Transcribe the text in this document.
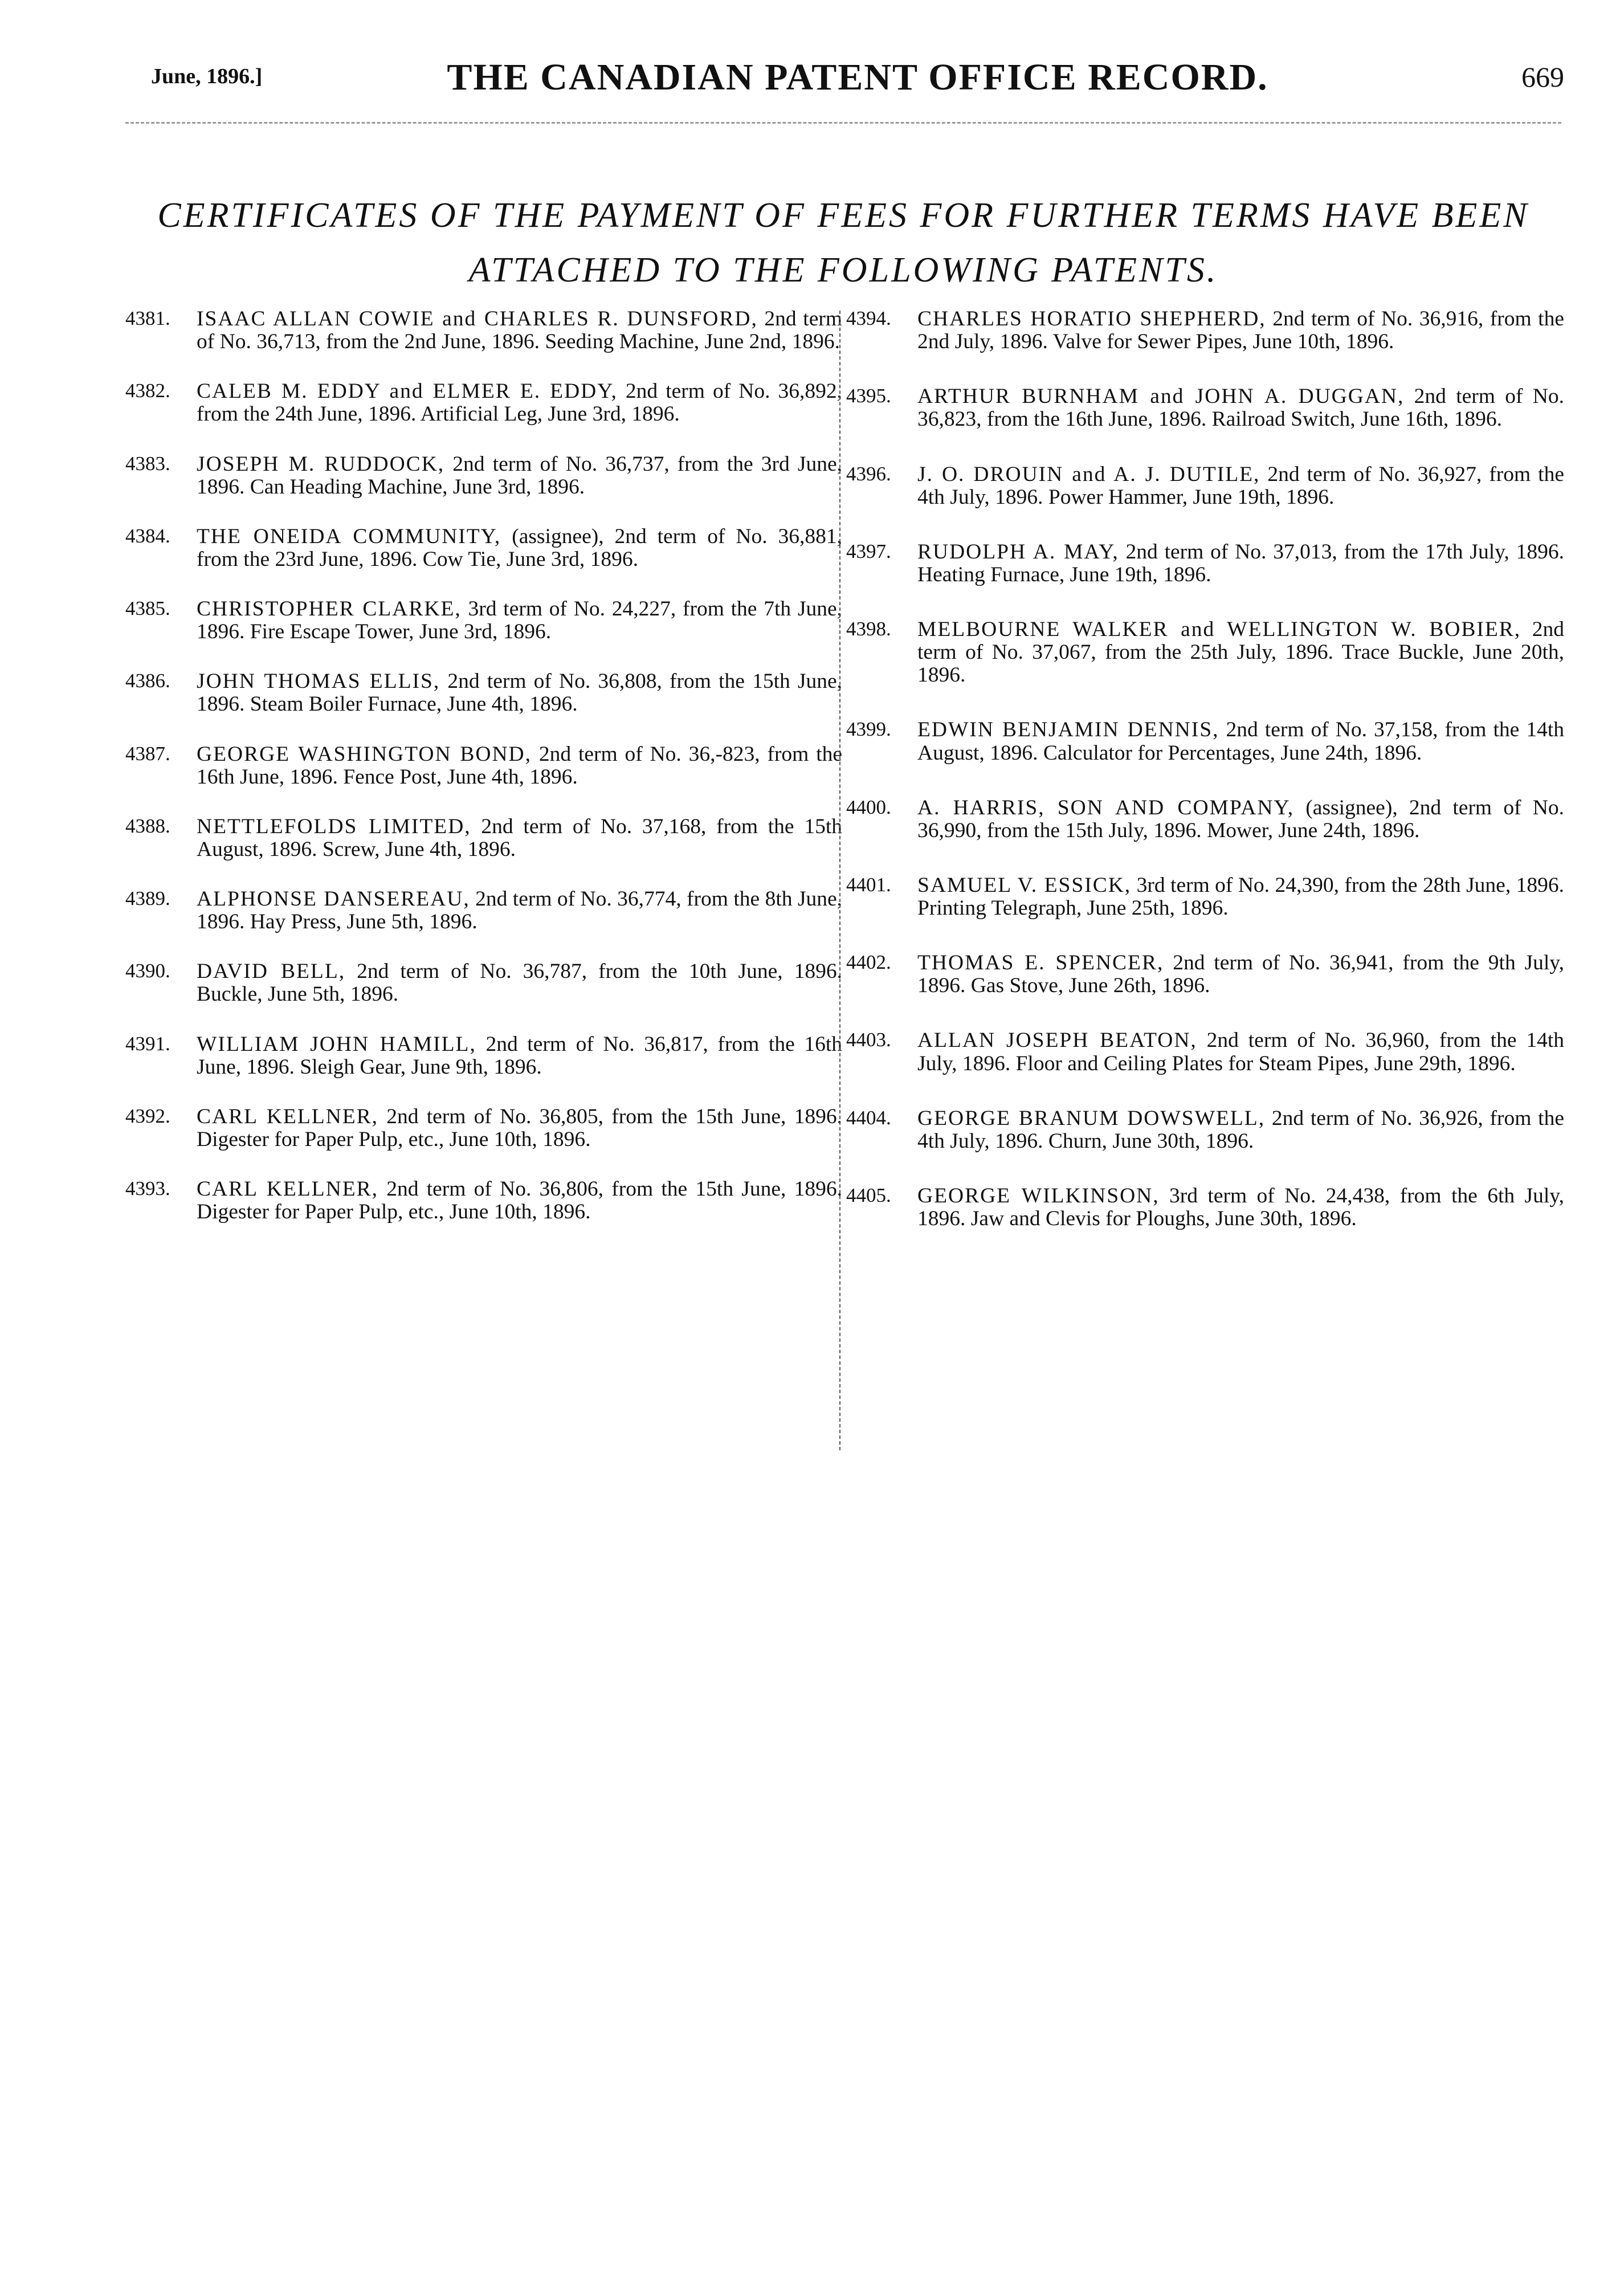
June, 1896.]	THE CANADIAN PATENT OFFICE RECORD.	669
CERTIFICATES OF THE PAYMENT OF FEES FOR FURTHER TERMS HAVE BEEN ATTACHED TO THE FOLLOWING PATENTS.
4381. ISAAC ALLAN COWIE and CHARLES R. DUNSFORD, 2nd term of No. 36,713, from the 2nd June, 1896. Seeding Machine, June 2nd, 1896.
4382. CALEB M. EDDY and ELMER E. EDDY, 2nd term of No. 36,892, from the 24th June, 1896. Artificial Leg, June 3rd, 1896.
4383. JOSEPH M. RUDDOCK, 2nd term of No. 36,737, from the 3rd June, 1896. Can Heading Machine, June 3rd, 1896.
4384. THE ONEIDA COMMUNITY, (assignee), 2nd term of No. 36,881, from the 23rd June, 1896. Cow Tie, June 3rd, 1896.
4385. CHRISTOPHER CLARKE, 3rd term of No. 24,227, from the 7th June, 1896. Fire Escape Tower, June 3rd, 1896.
4386. JOHN THOMAS ELLIS, 2nd term of No. 36,808, from the 15th June, 1896. Steam Boiler Furnace, June 4th, 1896.
4387. GEORGE WASHINGTON BOND, 2nd term of No. 36,-823, from the 16th June, 1896. Fence Post, June 4th, 1896.
4388. NETTLEFOLDS LIMITED, 2nd term of No. 37,168, from the 15th August, 1896. Screw, June 4th, 1896.
4389. ALPHONSE DANSEREAU, 2nd term of No. 36,774, from the 8th June, 1896. Hay Press, June 5th, 1896.
4390. DAVID BELL, 2nd term of No. 36,787, from the 10th June, 1896. Buckle, June 5th, 1896.
4391. WILLIAM JOHN HAMILL, 2nd term of No. 36,817, from the 16th June, 1896. Sleigh Gear, June 9th, 1896.
4392. CARL KELLNER, 2nd term of No. 36,805, from the 15th June, 1896. Digester for Paper Pulp, etc., June 10th, 1896.
4393. CARL KELLNER, 2nd term of No. 36,806, from the 15th June, 1896. Digester for Paper Pulp, etc., June 10th, 1896.
4394. CHARLES HORATIO SHEPHERD, 2nd term of No. 36,916, from the 2nd July, 1896. Valve for Sewer Pipes, June 10th, 1896.
4395. ARTHUR BURNHAM and JOHN A. DUGGAN, 2nd term of No. 36,823, from the 16th June, 1896. Railroad Switch, June 16th, 1896.
4396. J. O. DROUIN and A. J. DUTILE, 2nd term of No. 36,927, from the 4th July, 1896. Power Hammer, June 19th, 1896.
4397. RUDOLPH A. MAY, 2nd term of No. 37,013, from the 17th July, 1896. Heating Furnace, June 19th, 1896.
4398. MELBOURNE WALKER and WELLINGTON W. BOBIER, 2nd term of No. 37,067, from the 25th July, 1896. Trace Buckle, June 20th, 1896.
4399. EDWIN BENJAMIN DENNIS, 2nd term of No. 37,158, from the 14th August, 1896. Calculator for Percentages, June 24th, 1896.
4400. A. HARRIS, SON AND COMPANY, (assignee), 2nd term of No. 36,990, from the 15th July, 1896. Mower, June 24th, 1896.
4401. SAMUEL V. ESSICK, 3rd term of No. 24,390, from the 28th June, 1896. Printing Telegraph, June 25th, 1896.
4402. THOMAS E. SPENCER, 2nd term of No. 36,941, from the 9th July, 1896. Gas Stove, June 26th, 1896.
4403. ALLAN JOSEPH BEATON, 2nd term of No. 36,960, from the 14th July, 1896. Floor and Ceiling Plates for Steam Pipes, June 29th, 1896.
4404. GEORGE BRANUM DOWSWELL, 2nd term of No. 36,926, from the 4th July, 1896. Churn, June 30th, 1896.
4405. GEORGE WILKINSON, 3rd term of No. 24,438, from the 6th July, 1896. Jaw and Clevis for Ploughs, June 30th, 1896.
